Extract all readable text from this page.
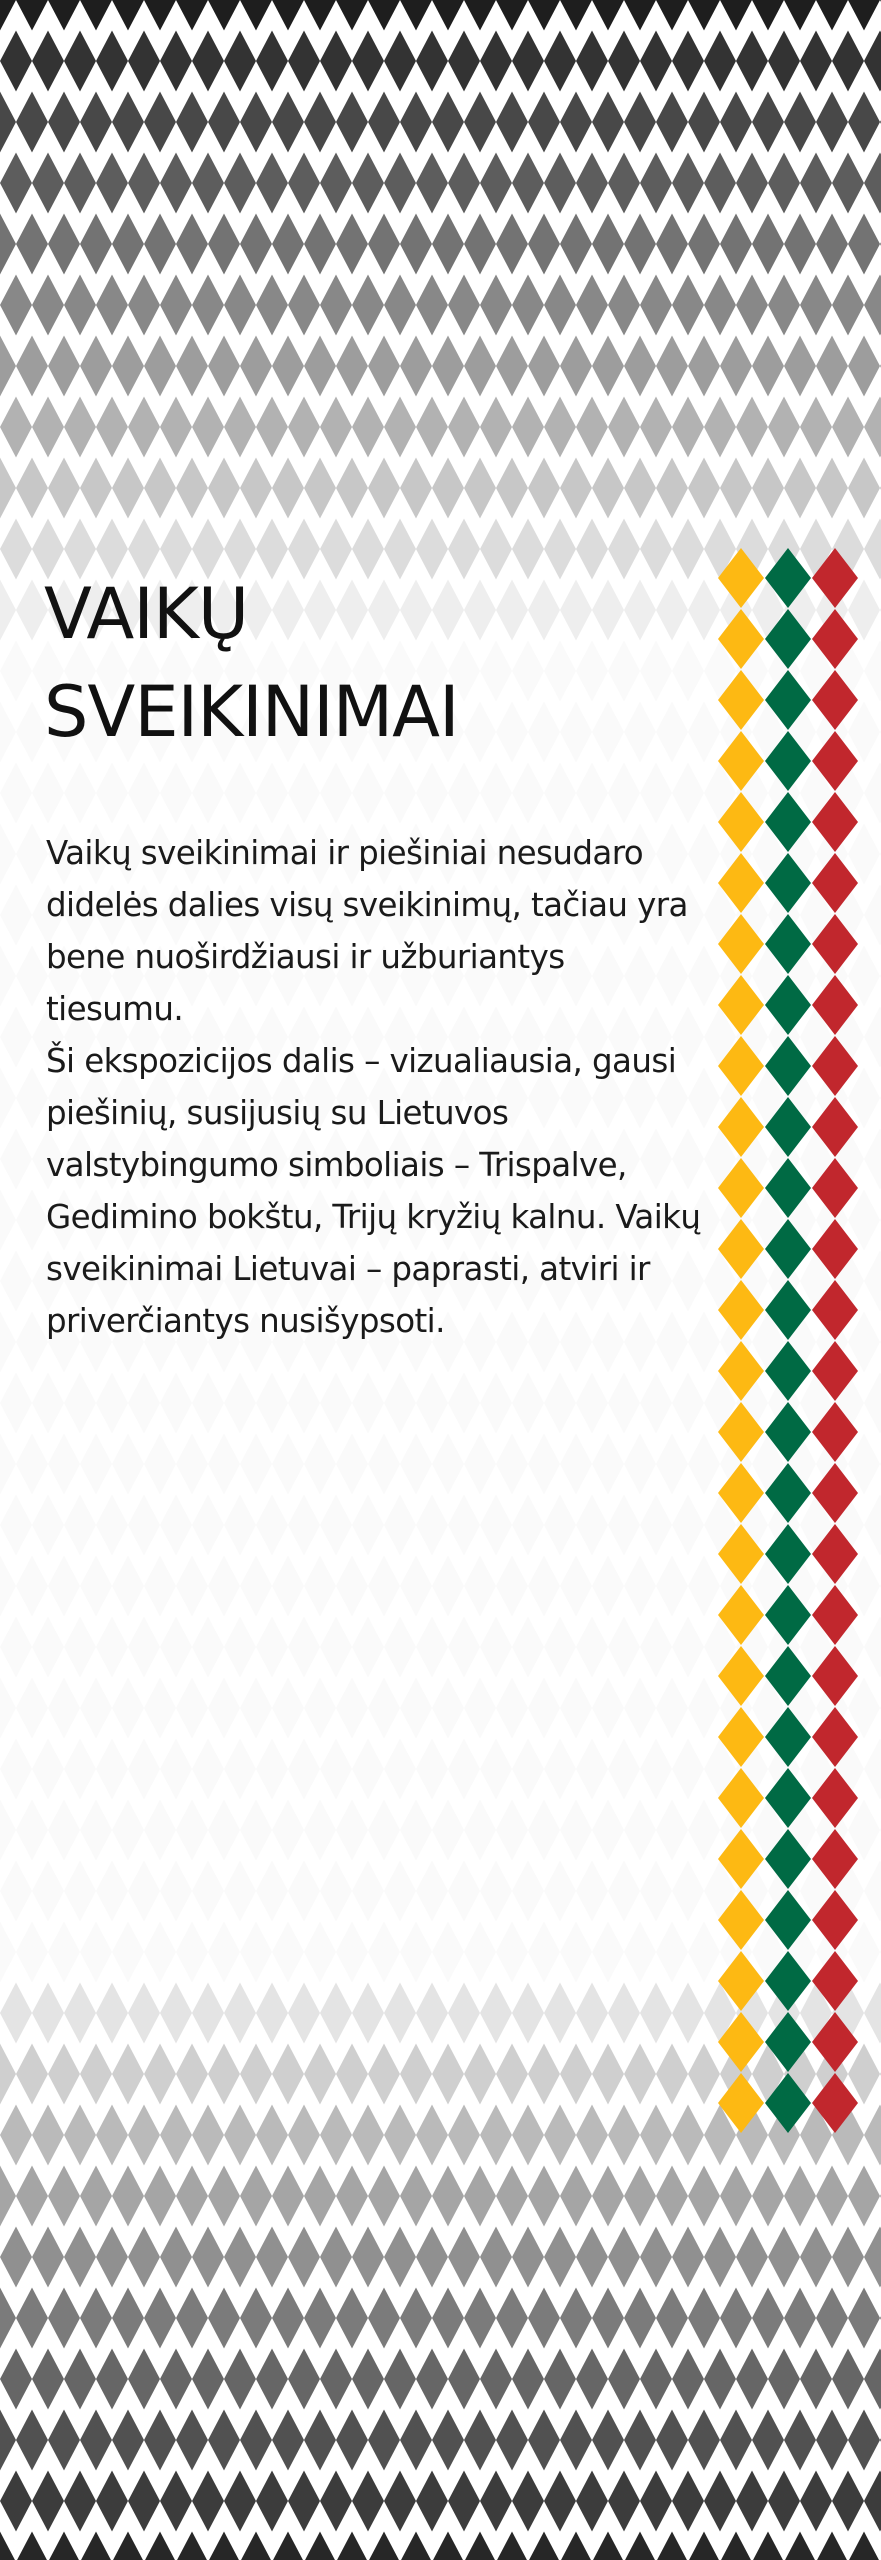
VAIKŲ
SVEIKINIMAI
Vaikų sveikinimai ir piešiniai nesudaro
didelės dalies visų sveikinimų, tačiau yra
bene nuoširdžiausi ir užburiantys
tiesumu.
Ši ekspozicijos dalis – vizualiausia, gausi
piešinių, susijusių su Lietuvos
valstybingumo simboliais – Trispalve,
Gedimino bokštu, Trijų kryžių kalnu. Vaikų
sveikinimai Lietuvai – paprasti, atviri ir
priverčiantys nusišypsoti.
